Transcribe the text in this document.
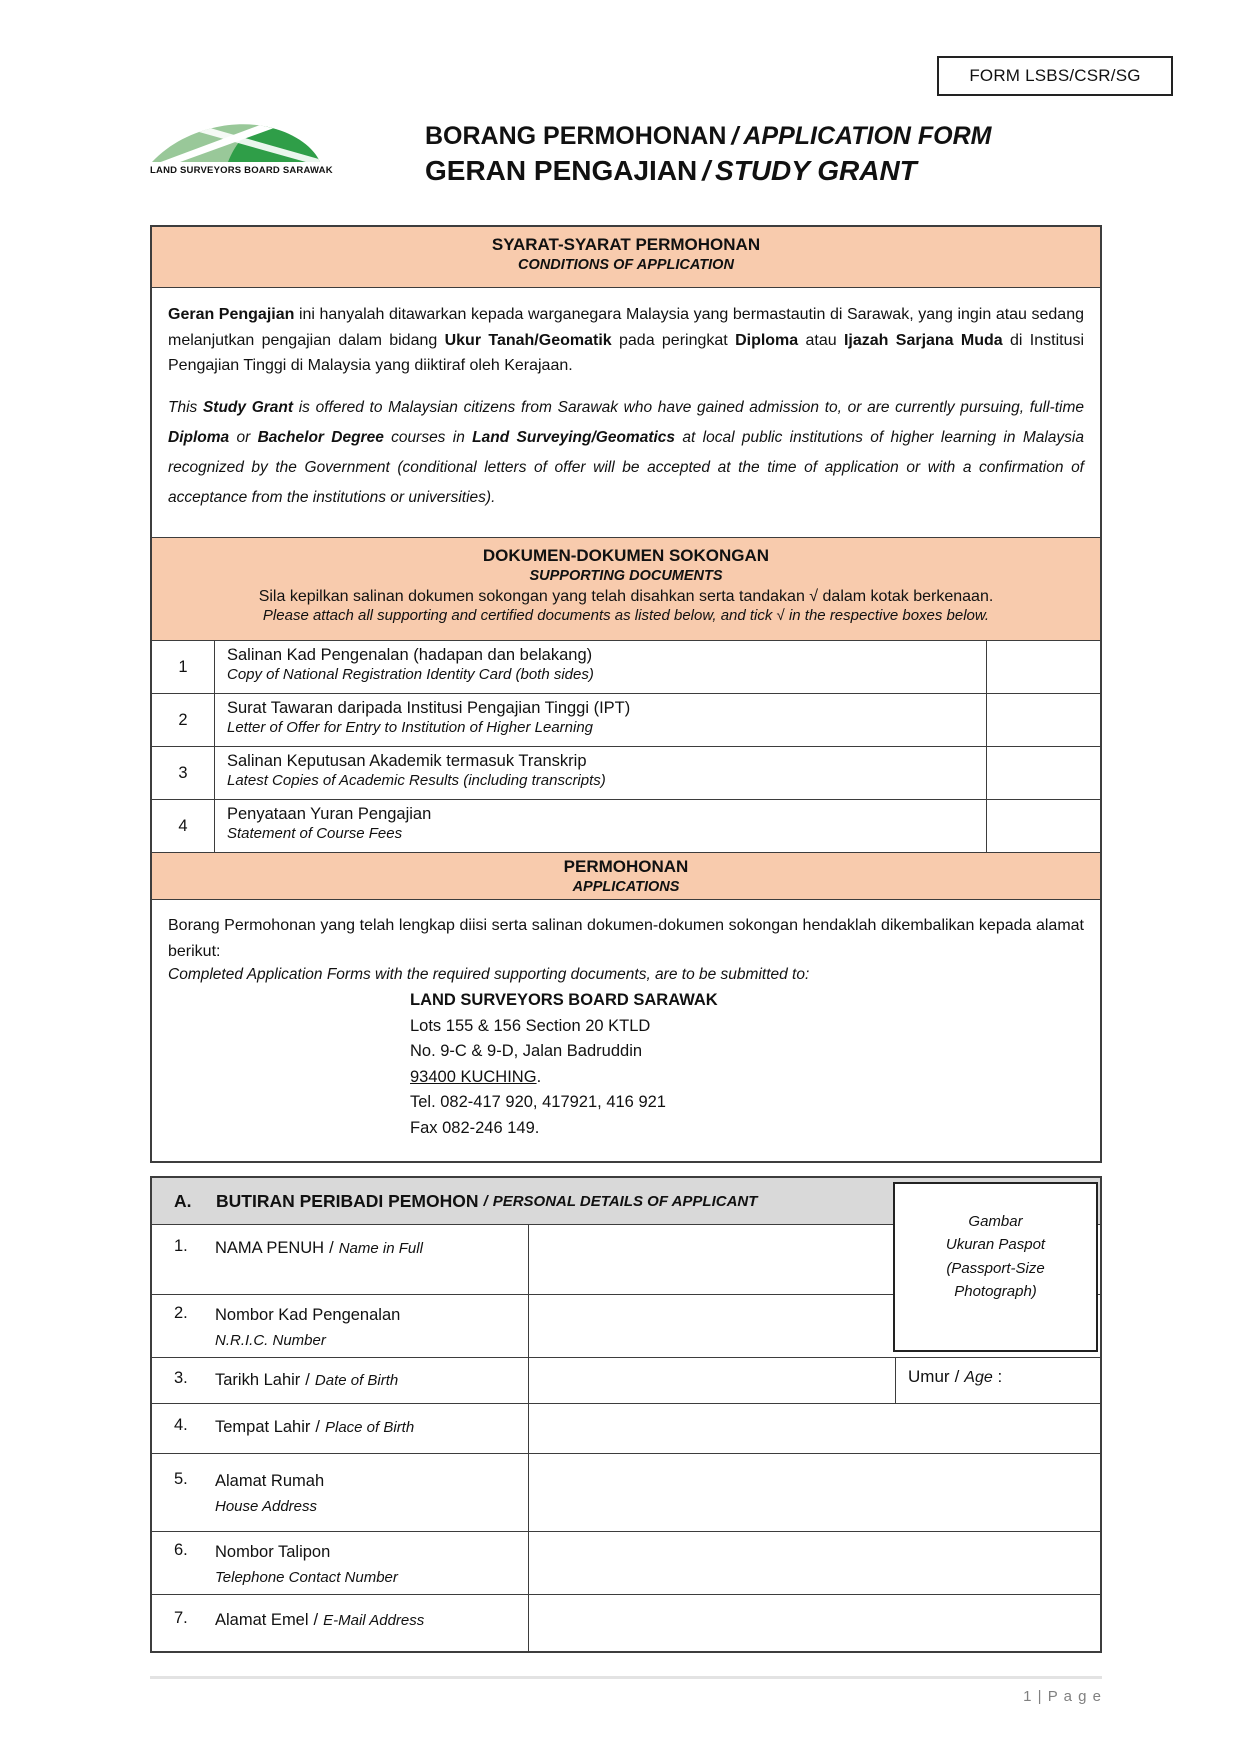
FORM LSBS/CSR/SG
LAND SURVEYORS BOARD SARAWAK
BORANG PERMOHONAN / APPLICATION FORM
GERAN PENGAJIAN / STUDY GRANT
SYARAT-SYARAT PERMOHONAN
CONDITIONS OF APPLICATION

Geran Pengajian ini hanyalah ditawarkan kepada warganegara Malaysia yang bermastautin di Sarawak, yang ingin atau sedang melanjutkan pengajian dalam bidang Ukur Tanah/Geomatik pada peringkat Diploma atau Ijazah Sarjana Muda di Institusi Pengajian Tinggi di Malaysia yang diiktiraf oleh Kerajaan.

This Study Grant is offered to Malaysian citizens from Sarawak who have gained admission to, or are currently pursuing, full-time Diploma or Bachelor Degree courses in Land Surveying/Geomatics at local public institutions of higher learning in Malaysia recognized by the Government (conditional letters of offer will be accepted at the time of application or with a confirmation of acceptance from the institutions or universities).

DOKUMEN-DOKUMEN SOKONGAN
SUPPORTING DOCUMENTS
Sila kepilkan salinan dokumen sokongan yang telah disahkan serta tandakan √ dalam kotak berkenaan.
Please attach all supporting and certified documents as listed below, and tick √ in the respective boxes below.
1
Salinan Kad Pengenalan (hadapan dan belakang)
Copy of National Registration Identity Card (both sides)
2
Surat Tawaran daripada Institusi Pengajian Tinggi (IPT)
Letter of Offer for Entry to Institution of Higher Learning
3
Salinan Keputusan Akademik termasuk Transkrip
Latest Copies of Academic Results (including transcripts)
4
Penyataan Yuran Pengajian
Statement of Course Fees
PERMOHONAN
APPLICATIONS

Borang Permohonan yang telah lengkap diisi serta salinan dokumen-dokumen sokongan hendaklah dikembalikan kepada alamat berikut:

Completed Application Forms with the required supporting documents, are to be submitted to:

LAND SURVEYORS BOARD SARAWAK
Lots 155 & 156 Section 20 KTLD
No. 9-C & 9-D, Jalan Badruddin
93400 KUCHING.
Tel. 082-417 920, 417921, 416 921
Fax 082-246 149.
Gambar
Ukuran Paspot
(Passport-Size
Photograph)
A.	BUTIRAN PERIBADI PEMOHON / PERSONAL DETAILS OF APPLICANT
1.	NAMA PENUH / Name in Full
2.	Nombor Kad Pengenalan
N.R.I.C. Number
3.	Tarikh Lahir / Date of Birth	Umur / Age :
4.	Tempat Lahir / Place of Birth
5.	Alamat Rumah
House Address
6.	Nombor Talipon
Telephone Contact Number
7.	Alamat Emel / E-Mail Address
1 | P a g e
